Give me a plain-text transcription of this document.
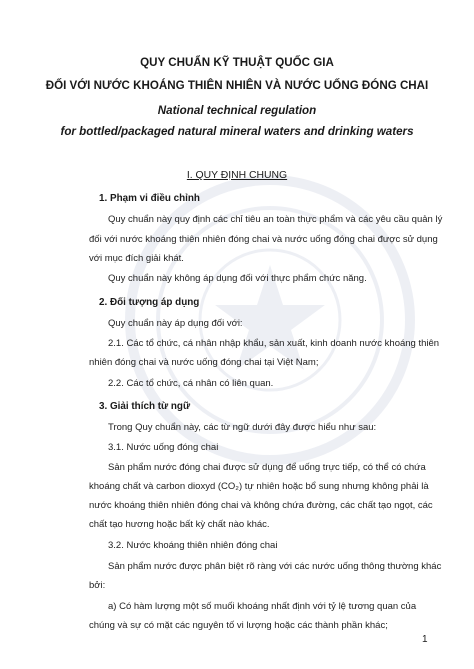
QUY CHUẨN KỸ THUẬT QUỐC GIA
ĐỐI VỚI NƯỚC KHOÁNG THIÊN NHIÊN VÀ NƯỚC UỐNG ĐÓNG CHAI
National technical regulation
for bottled/packaged natural mineral waters and drinking waters
I. QUY ĐỊNH CHUNG
1. Phạm vi điều chỉnh
Quy chuẩn này quy định các chỉ tiêu an toàn thực phẩm và các yêu cầu quản lý
đối với nước khoáng thiên nhiên đóng chai và nước uống đóng chai được sử dụng
với mục đích giải khát.
Quy chuẩn này không áp dụng đối với thực phẩm chức năng.
2. Đối tượng áp dụng
Quy chuẩn này áp dụng đối với:
2.1. Các tổ chức, cá nhân nhập khẩu, sản xuất, kinh doanh nước khoáng thiên
nhiên đóng chai và nước uống đóng chai tại Việt Nam;
2.2. Các tổ chức, cá nhân có liên quan.
3. Giải thích từ ngữ
Trong Quy chuẩn này, các từ ngữ dưới đây được hiểu như sau:
3.1. Nước uống đóng chai
Sản phẩm nước đóng chai được sử dụng để uống trực tiếp, có thể có chứa
khoáng chất và carbon dioxyd (CO₂) tự nhiên hoặc bổ sung nhưng không phải là
nước khoáng thiên nhiên đóng chai và không chứa đường, các chất tạo ngọt, các
chất tạo hương hoặc bất kỳ chất nào khác.
3.2. Nước khoáng thiên nhiên đóng chai
Sản phẩm nước được phân biệt rõ ràng với các nước uống thông thường khác
bởi:
a) Có hàm lượng một số muối khoáng nhất định với tỷ lệ tương quan của
chúng và sự có mặt các nguyên tố vi lượng hoặc các thành phần khác;
1
